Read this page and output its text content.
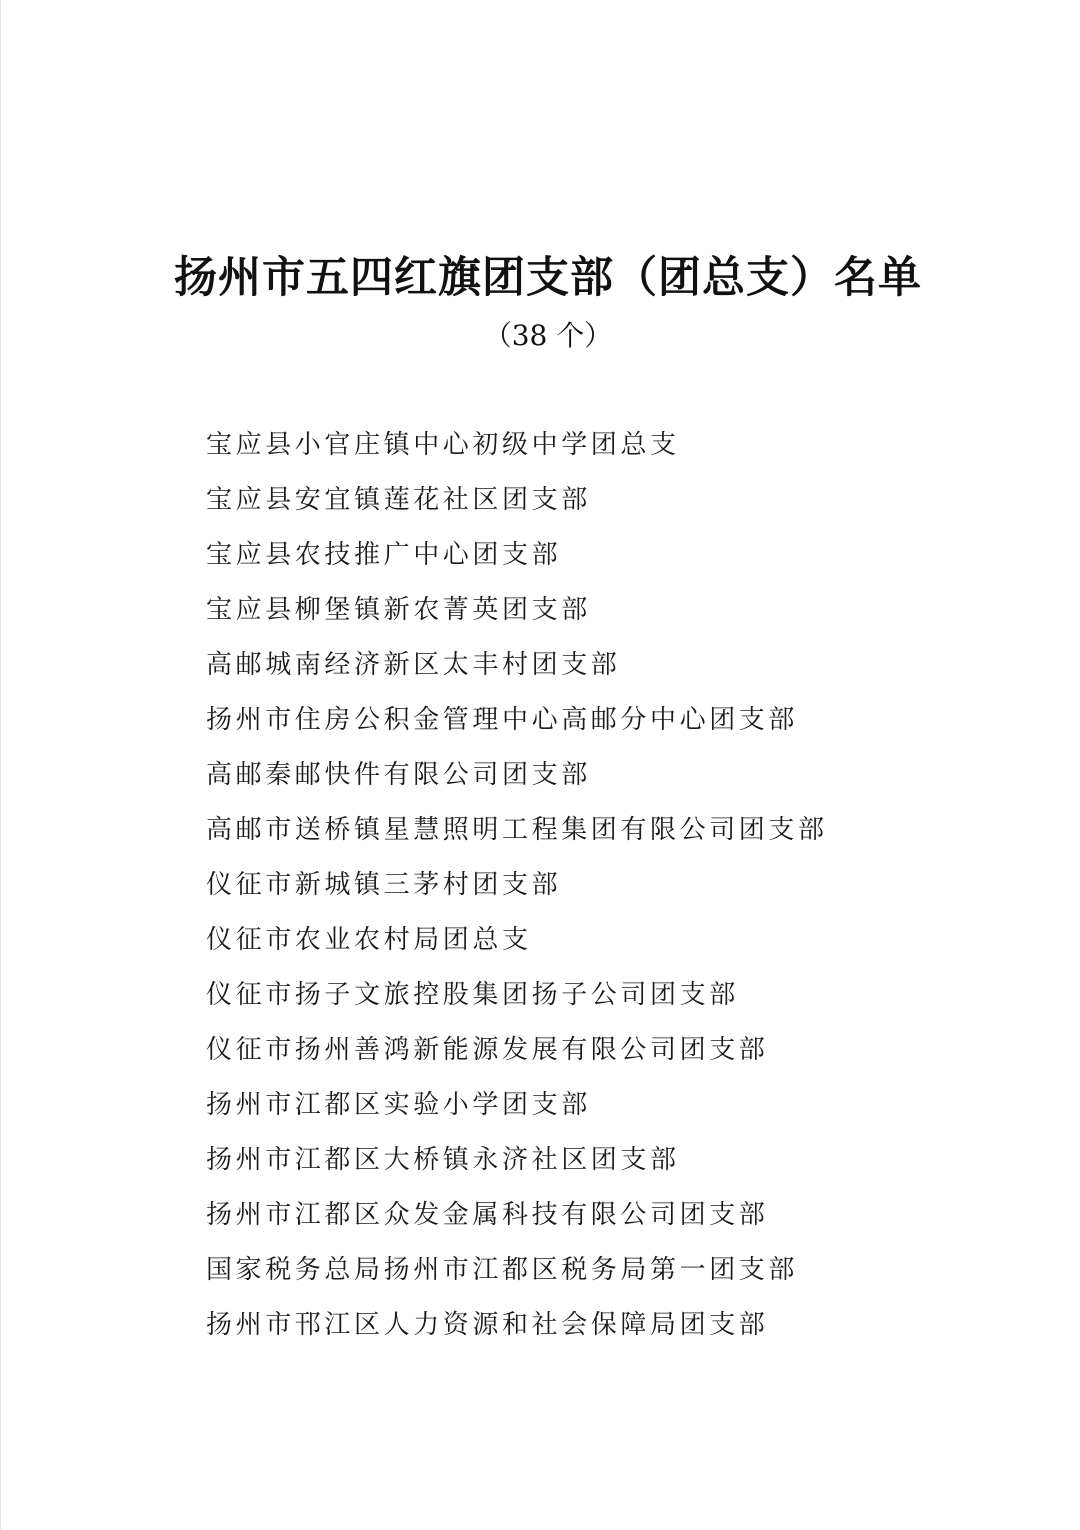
扬州市五四红旗团支部（团总支）名单
（38 个）
宝应县小官庄镇中心初级中学团总支
宝应县安宜镇莲花社区团支部
宝应县农技推广中心团支部
宝应县柳堡镇新农菁英团支部
高邮城南经济新区太丰村团支部
扬州市住房公积金管理中心高邮分中心团支部
高邮秦邮快件有限公司团支部
高邮市送桥镇星慧照明工程集团有限公司团支部
仪征市新城镇三茅村团支部
仪征市农业农村局团总支
仪征市扬子文旅控股集团扬子公司团支部
仪征市扬州善鸿新能源发展有限公司团支部
扬州市江都区实验小学团支部
扬州市江都区大桥镇永济社区团支部
扬州市江都区众发金属科技有限公司团支部
国家税务总局扬州市江都区税务局第一团支部
扬州市邗江区人力资源和社会保障局团支部
